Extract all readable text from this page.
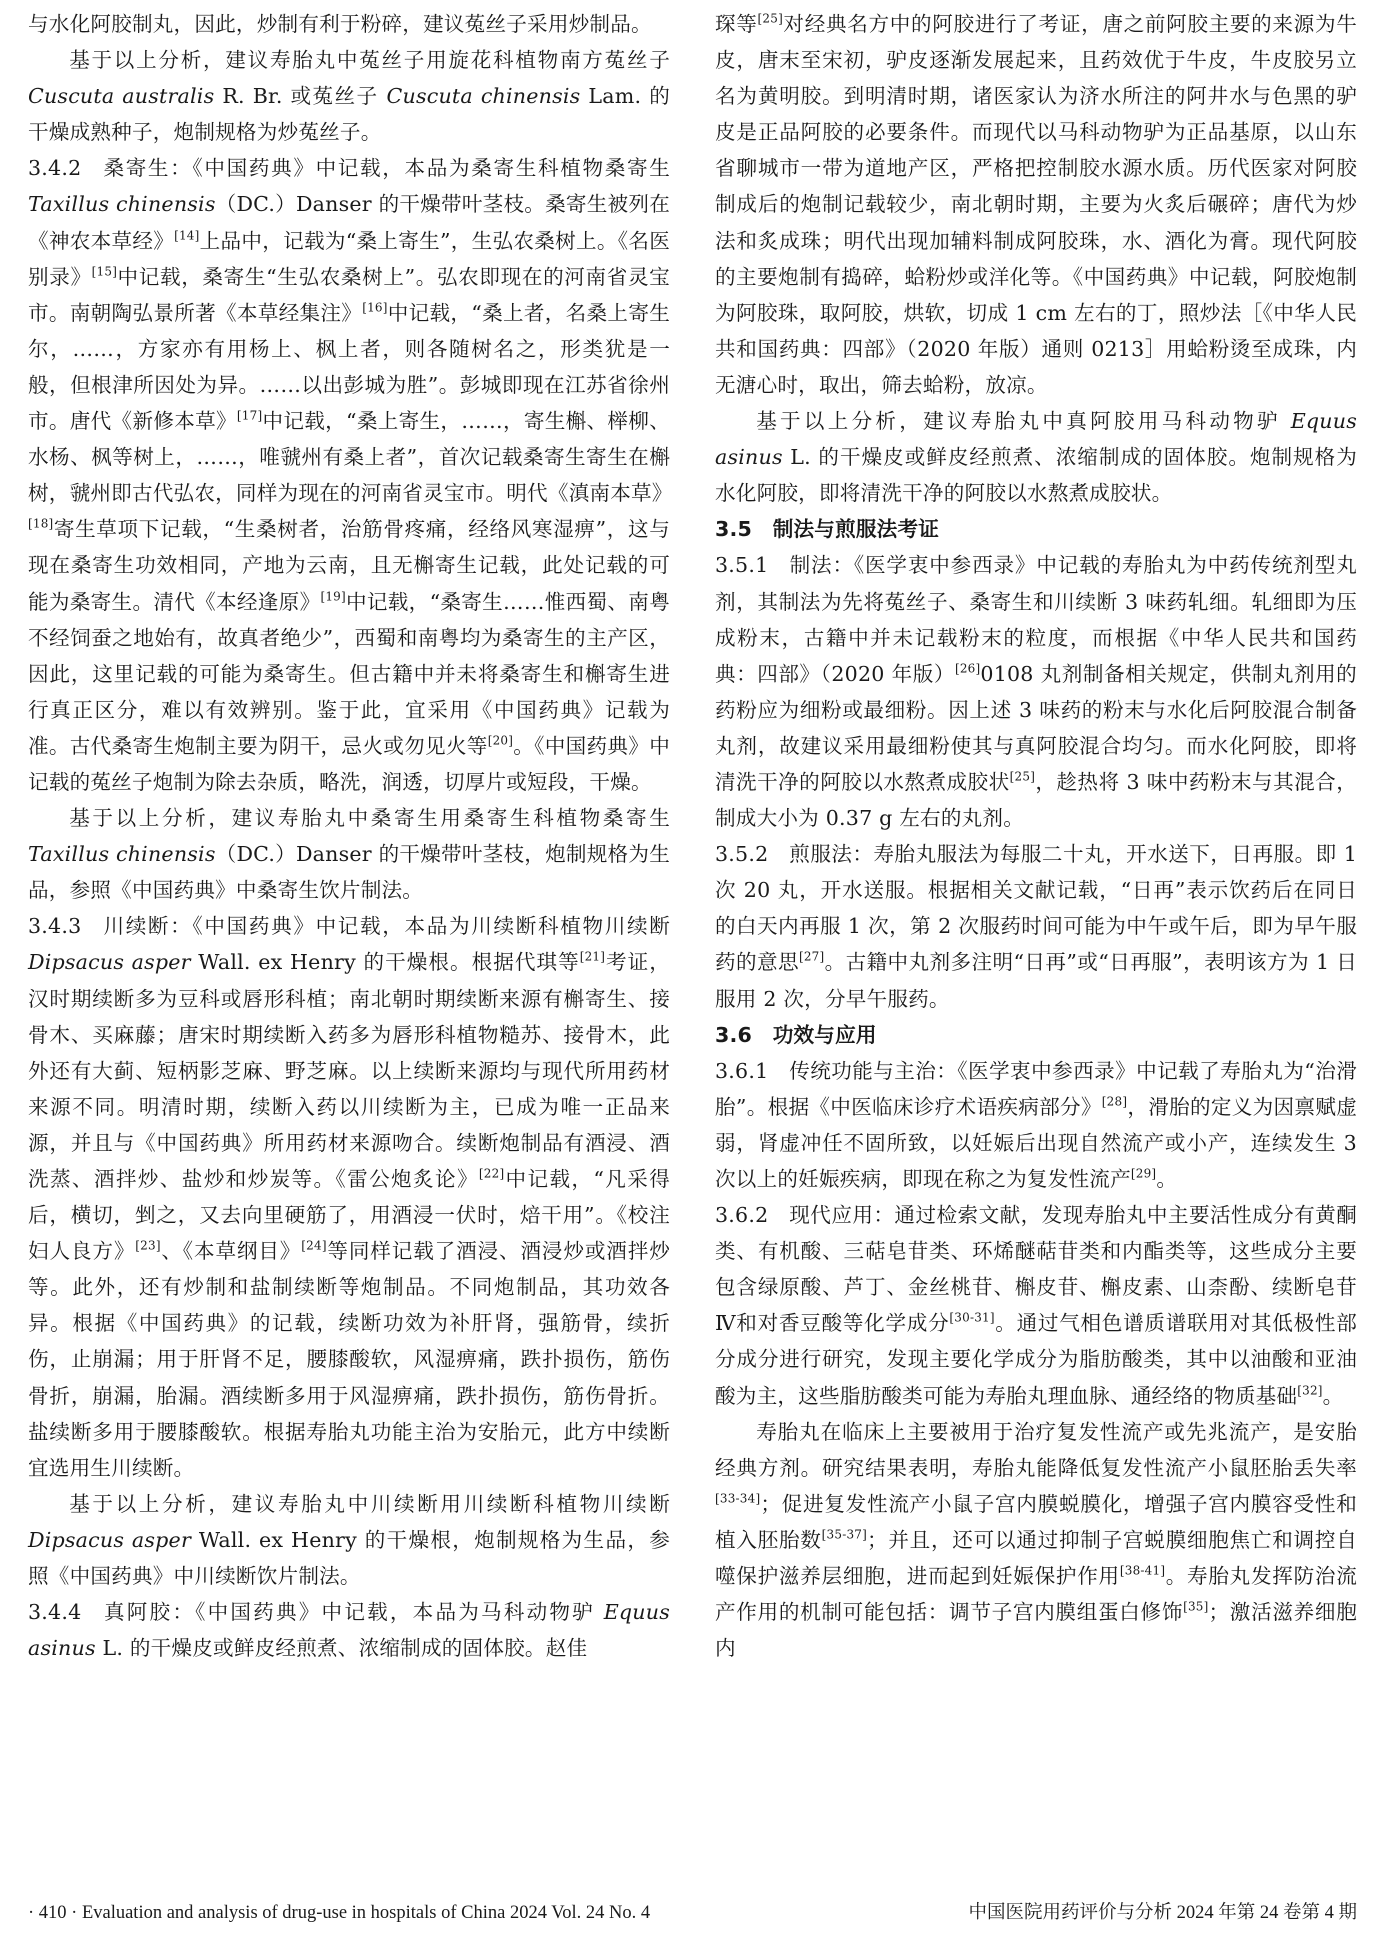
与水化阿胶制丸，因此，炒制有利于粉碎，建议菟丝子采用炒制品。

基于以上分析，建议寿胎丸中菟丝子用旋花科植物南方菟丝子 Cuscuta australis R. Br. 或菟丝子 Cuscuta chinensis Lam. 的干燥成熟种子，炮制规格为炒菟丝子。

3.4.2 桑寄生：《中国药典》中记载，本品为桑寄生科植物桑寄生 Taxillus chinensis（DC.）Danser 的干燥带叶茎枝。桑寄生被列在《神农本草经》[14]上品中，记载为“桑上寄生”，生弘农桑树上。《名医别录》[15]中记载，桑寄生“生弘农桑树上”。弘农即现在的河南省灵宝市。南朝陶弘景所著《本草经集注》[16]中记载，“桑上者，名桑上寄生尔，……，方家亦有用杨上、枫上者，则各随树名之，形类犹是一般，但根津所因处为异。……以出彭城为胜”。彭城即现在江苏省徐州市。唐代《新修本草》[17]中记载，“桑上寄生，……，寄生槲、榉柳、水杨、枫等树上，……，唯虢州有桑上者”，首次记载桑寄生寄生在槲树，虢州即古代弘农，同样为现在的河南省灵宝市。明代《滇南本草》[18]寄生草项下记载，“生桑树者，治筋骨疼痛，经络风寒湿痹”，这与现在桑寄生功效相同，产地为云南，且无槲寄生记载，此处记载的可能为桑寄生。清代《本经逢原》[19]中记载，“桑寄生……惟西蜀、南粤不经饲蚕之地始有，故真者绝少”，西蜀和南粤均为桑寄生的主产区，因此，这里记载的可能为桑寄生。但古籍中并未将桑寄生和槲寄生进行真正区分，难以有效辨别。鉴于此，宜采用《中国药典》记载为准。古代桑寄生炮制主要为阴干，忌火或勿见火等[20]。《中国药典》中记载的菟丝子炮制为除去杂质，略洗，润透，切厚片或短段，干燥。

基于以上分析，建议寿胎丸中桑寄生用桑寄生科植物桑寄生 Taxillus chinensis（DC.）Danser 的干燥带叶茎枝，炮制规格为生品，参照《中国药典》中桑寄生饮片制法。

3.4.3 川续断：《中国药典》中记载，本品为川续断科植物川续断 Dipsacus asper Wall. ex Henry 的干燥根。根据代琪等[21]考证，汉时期续断多为豆科或唇形科植；南北朝时期续断来源有槲寄生、接骨木、买麻藤；唐宋时期续断入药多为唇形科植物糙苏、接骨木，此外还有大蓟、短柄影芝麻、野芝麻。以上续断来源均与现代所用药材来源不同。明清时期，续断入药以川续断为主，已成为唯一正品来源，并且与《中国药典》所用药材来源吻合。续断炮制品有酒浸、酒洗蒸、酒拌炒、盐炒和炒炭等。《雷公炮炙论》[22]中记载，“凡采得后，横切，剉之，又去向里硬筋了，用酒浸一伏时，焙干用”。《校注妇人良方》[23]、《本草纲目》[24]等同样记载了酒浸、酒浸炒或酒拌炒等。此外，还有炒制和盐制续断等炮制品。不同炮制品，其功效各异。根据《中国药典》的记载，续断功效为补肝肾，强筋骨，续折伤，止崩漏；用于肝肾不足，腰膝酸软，风湿痹痛，跌扑损伤，筋伤骨折，崩漏，胎漏。酒续断多用于风湿痹痛，跌扑损伤，筋伤骨折。盐续断多用于腰膝酸软。根据寿胎丸功能主治为安胎元，此方中续断宜选用生川续断。

基于以上分析，建议寿胎丸中川续断用川续断科植物川续断 Dipsacus asper Wall. ex Henry 的干燥根，炮制规格为生品，参照《中国药典》中川续断饮片制法。

3.4.4 真阿胶：《中国药典》中记载，本品为马科动物驴 Equus asinus L. 的干燥皮或鲜皮经煎煮、浓缩制成的固体胶。赵佳

琛等[25]对经典名方中的阿胶进行了考证，唐之前阿胶主要的来源为牛皮，唐末至宋初，驴皮逐渐发展起来，且药效优于牛皮，牛皮胶另立名为黄明胶。到明清时期，诸医家认为济水所注的阿井水与色黑的驴皮是正品阿胶的必要条件。而现代以马科动物驴为正品基原，以山东省聊城市一带为道地产区，严格把控制胶水源水质。历代医家对阿胶制成后的炮制记载较少，南北朝时期，主要为火炙后碾碎；唐代为炒法和炙成珠；明代出现加辅料制成阿胶珠，水、酒化为膏。现代阿胶的主要炮制有捣碎，蛤粉炒或洋化等。《中国药典》中记载，阿胶炮制为阿胶珠，取阿胶，烘软，切成 1 cm 左右的丁，照炒法［《中华人民共和国药典：四部》（2020 年版）通则 0213］用蛤粉烫至成珠，内无溏心时，取出，筛去蛤粉，放凉。

基于以上分析，建议寿胎丸中真阿胶用马科动物驴 Equus asinus L. 的干燥皮或鲜皮经煎煮、浓缩制成的固体胶。炮制规格为水化阿胶，即将清洗干净的阿胶以水熬煮成胶状。

3.5 制法与煎服法考证

3.5.1 制法：《医学衷中参西录》中记载的寿胎丸为中药传统剂型丸剂，其制法为先将菟丝子、桑寄生和川续断 3 味药轧细。轧细即为压成粉末，古籍中并未记载粉末的粒度，而根据《中华人民共和国药典：四部》（2020 年版）[26]0108 丸剂制备相关规定，供制丸剂用的药粉应为细粉或最细粉。因上述 3 味药的粉末与水化后阿胶混合制备丸剂，故建议采用最细粉使其与真阿胶混合均匀。而水化阿胶，即将清洗干净的阿胶以水熬煮成胶状[25]，趁热将 3 味中药粉末与其混合，制成大小为 0.37 g 左右的丸剂。

3.5.2 煎服法：寿胎丸服法为每服二十丸，开水送下，日再服。即 1 次 20 丸，开水送服。根据相关文献记载，“日再”表示饮药后在同日的白天内再服 1 次，第 2 次服药时间可能为中午或午后，即为早午服药的意思[27]。古籍中丸剂多注明“日再”或“日再服”，表明该方为 1 日服用 2 次，分早午服药。

3.6 功效与应用

3.6.1 传统功能与主治：《医学衷中参西录》中记载了寿胎丸为“治滑胎”。根据《中医临床诊疗术语疾病部分》[28]，滑胎的定义为因禀赋虚弱，肾虚冲任不固所致，以妊娠后出现自然流产或小产，连续发生 3 次以上的妊娠疾病，即现在称之为复发性流产[29]。

3.6.2 现代应用：通过检索文献，发现寿胎丸中主要活性成分有黄酮类、有机酸、三萜皂苷类、环烯醚萜苷类和内酯类等，这些成分主要包含绿原酸、芦丁、金丝桃苷、槲皮苷、槲皮素、山柰酚、续断皂苷Ⅳ和对香豆酸等化学成分[30-31]。通过气相色谱质谱联用对其低极性部分成分进行研究，发现主要化学成分为脂肪酸类，其中以油酸和亚油酸为主，这些脂肪酸类可能为寿胎丸理血脉、通经络的物质基础[32]。

寿胎丸在临床上主要被用于治疗复发性流产或先兆流产，是安胎经典方剂。研究结果表明，寿胎丸能降低复发性流产小鼠胚胎丢失率[33-34]；促进复发性流产小鼠子宫内膜蜕膜化，增强子宫内膜容受性和植入胚胎数[35-37]；并且，还可以通过抑制子宫蜕膜细胞焦亡和调控自噬保护滋养层细胞，进而起到妊娠保护作用[38-41]。寿胎丸发挥防治流产作用的机制可能包括：调节子宫内膜组蛋白修饰[35]；激活滋养细胞内

· 410 · Evaluation and analysis of drug-use in hospitals of China 2024 Vol. 24 No. 4	中国医院用药评价与分析 2024 年第 24 卷第 4 期
